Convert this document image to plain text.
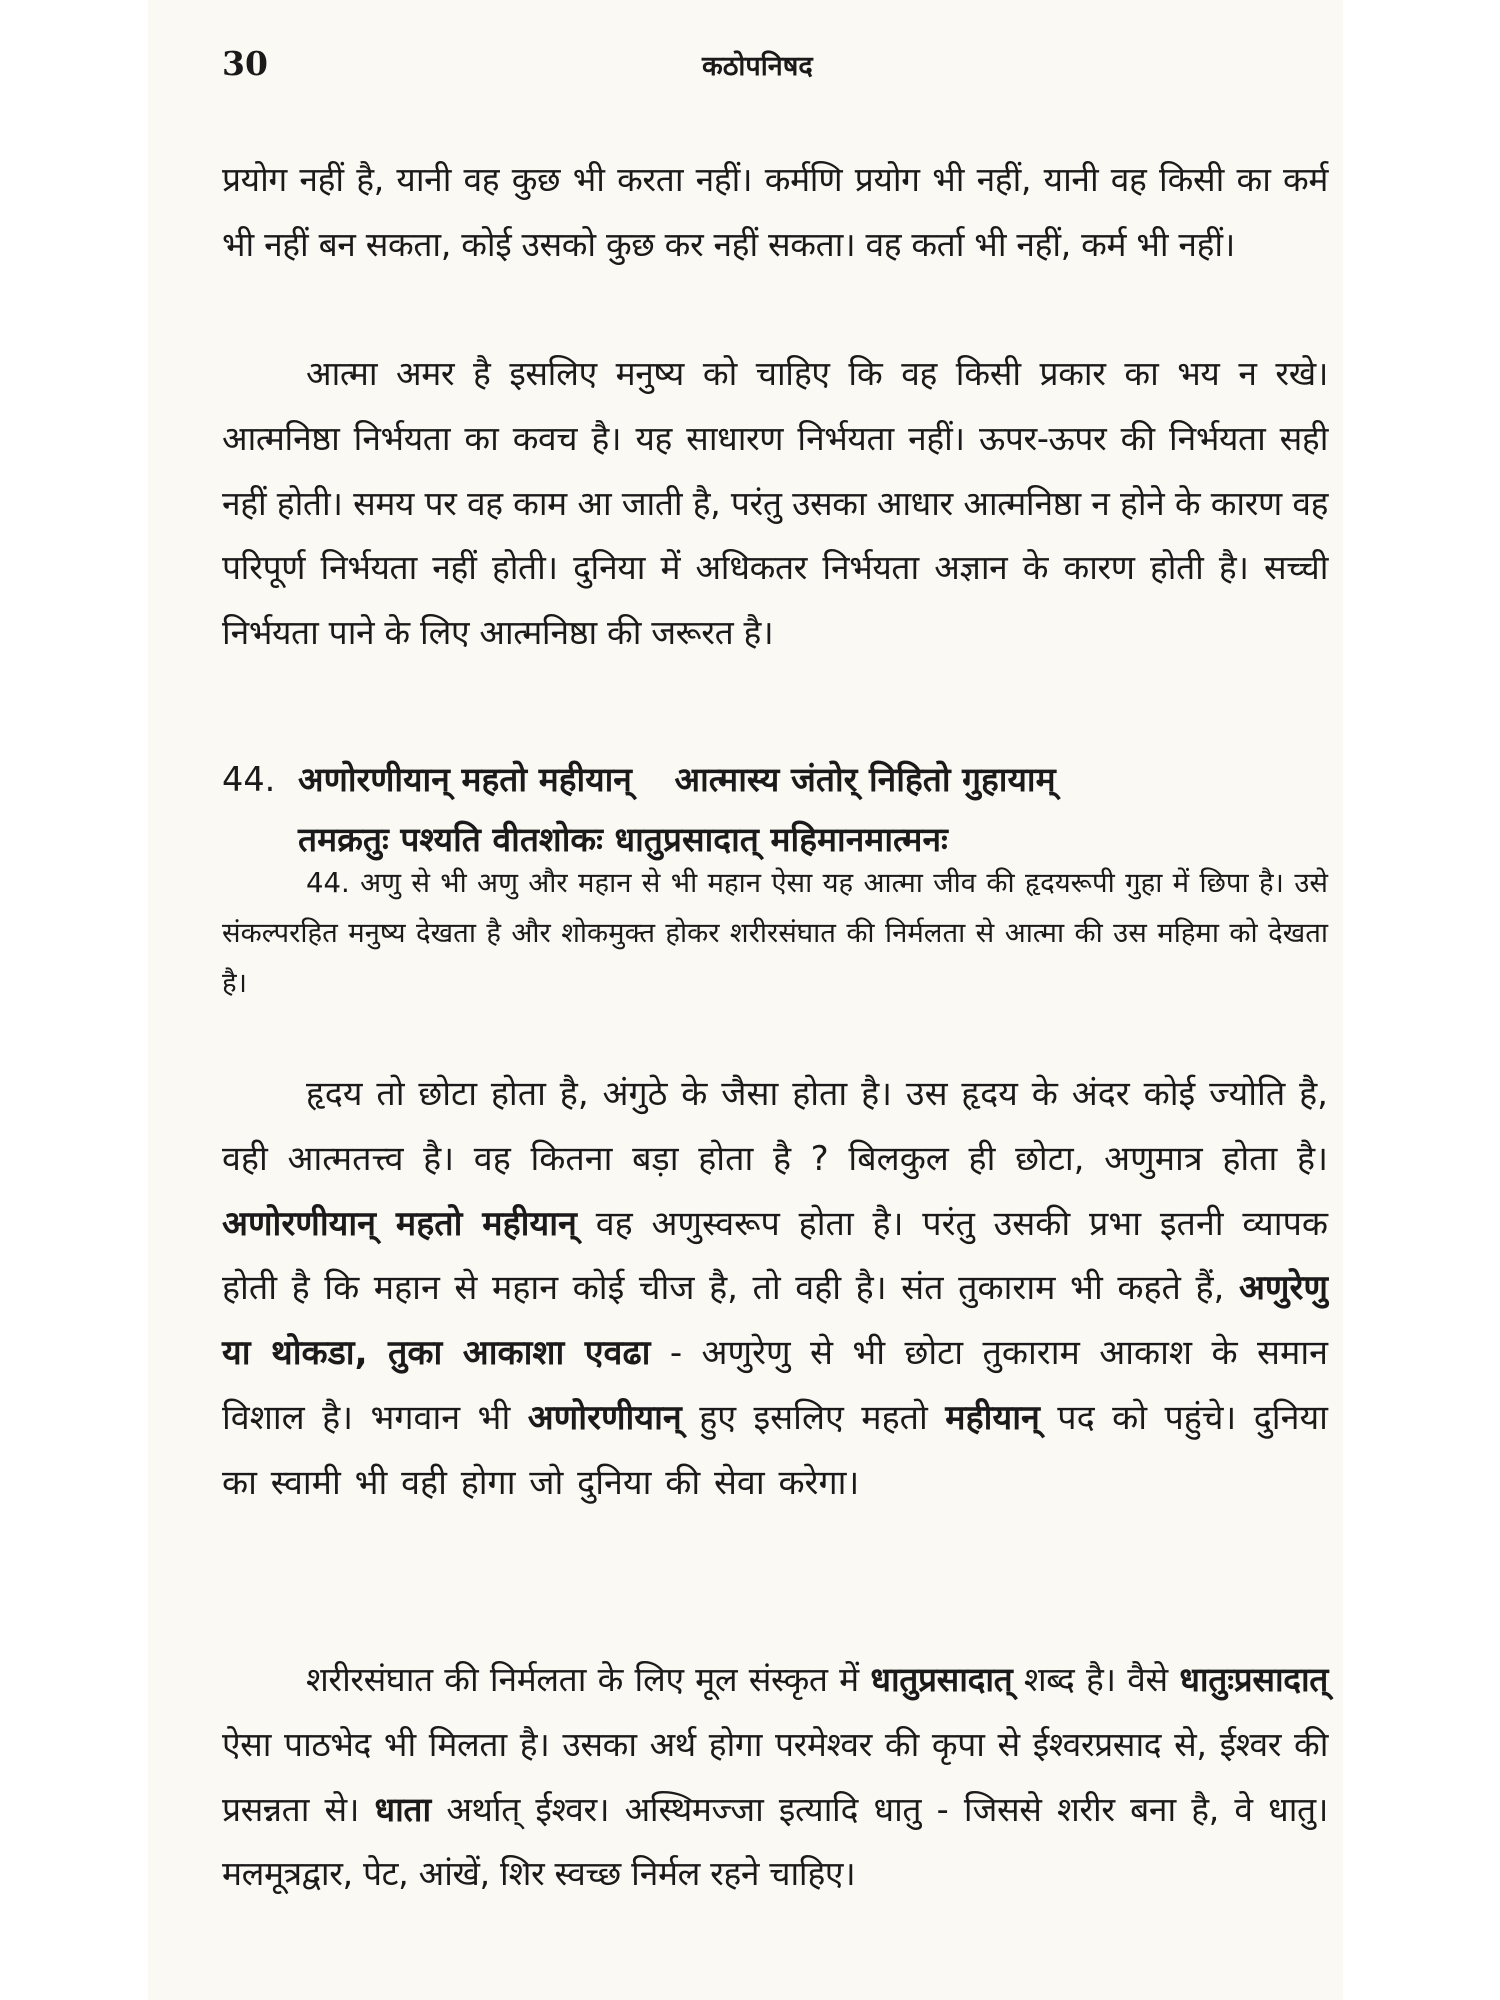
30	कठोपनिषद

प्रयोग नहीं है, यानी वह कुछ भी करता नहीं। कर्मणि प्रयोग भी नहीं, यानी वह किसी का कर्म भी नहीं बन सकता, कोई उसको कुछ कर नहीं सकता। वह कर्ता भी नहीं, कर्म भी नहीं।

आत्मा अमर है इसलिए मनुष्य को चाहिए कि वह किसी प्रकार का भय न रखे। आत्मनिष्ठा निर्भयता का कवच है। यह साधारण निर्भयता नहीं। ऊपर-ऊपर की निर्भयता सही नहीं होती। समय पर वह काम आ जाती है, परंतु उसका आधार आत्मनिष्ठा न होने के कारण वह परिपूर्ण निर्भयता नहीं होती। दुनिया में अधिकतर निर्भयता अज्ञान के कारण होती है। सच्ची निर्भयता पाने के लिए आत्मनिष्ठा की जरूरत है।

44. अणोरणीयान् महतो महीयान् आत्मास्य जंतोर् निहितो गुहायाम्
तमक्रतुः पश्यति वीतशोकः धातुप्रसादात् महिमानमात्मनः

44. अणु से भी अणु और महान से भी महान ऐसा यह आत्मा जीव की हृदयरूपी गुहा में छिपा है। उसे संकल्परहित मनुष्य देखता है और शोकमुक्त होकर शरीरसंघात की निर्मलता से आत्मा की उस महिमा को देखता है।

हृदय तो छोटा होता है, अंगुठे के जैसा होता है। उस हृदय के अंदर कोई ज्योति है, वही आत्मतत्त्व है। वह कितना बड़ा होता है ? बिलकुल ही छोटा, अणुमात्र होता है। अणोरणीयान् महतो महीयान् वह अणुस्वरूप होता है। परंतु उसकी प्रभा इतनी व्यापक होती है कि महान से महान कोई चीज है, तो वही है। संत तुकाराम भी कहते हैं, अणुरेणु या थोकडा, तुका आकाशा एवढा - अणुरेणु से भी छोटा तुकाराम आकाश के समान विशाल है। भगवान भी अणोरणीयान् हुए इसलिए महतो महीयान् पद को पहुंचे। दुनिया का स्वामी भी वही होगा जो दुनिया की सेवा करेगा।

शरीरसंघात की निर्मलता के लिए मूल संस्कृत में धातुप्रसादात् शब्द है। वैसे धातुःप्रसादात् ऐसा पाठभेद भी मिलता है। उसका अर्थ होगा परमेश्वर की कृपा से ईश्वरप्रसाद से, ईश्वर की प्रसन्नता से। धाता अर्थात् ईश्वर। अस्थिमज्जा इत्यादि धातु - जिससे शरीर बना है, वे धातु। मलमूत्रद्वार, पेट, आंखें, शिर स्वच्छ निर्मल रहने चाहिए।
